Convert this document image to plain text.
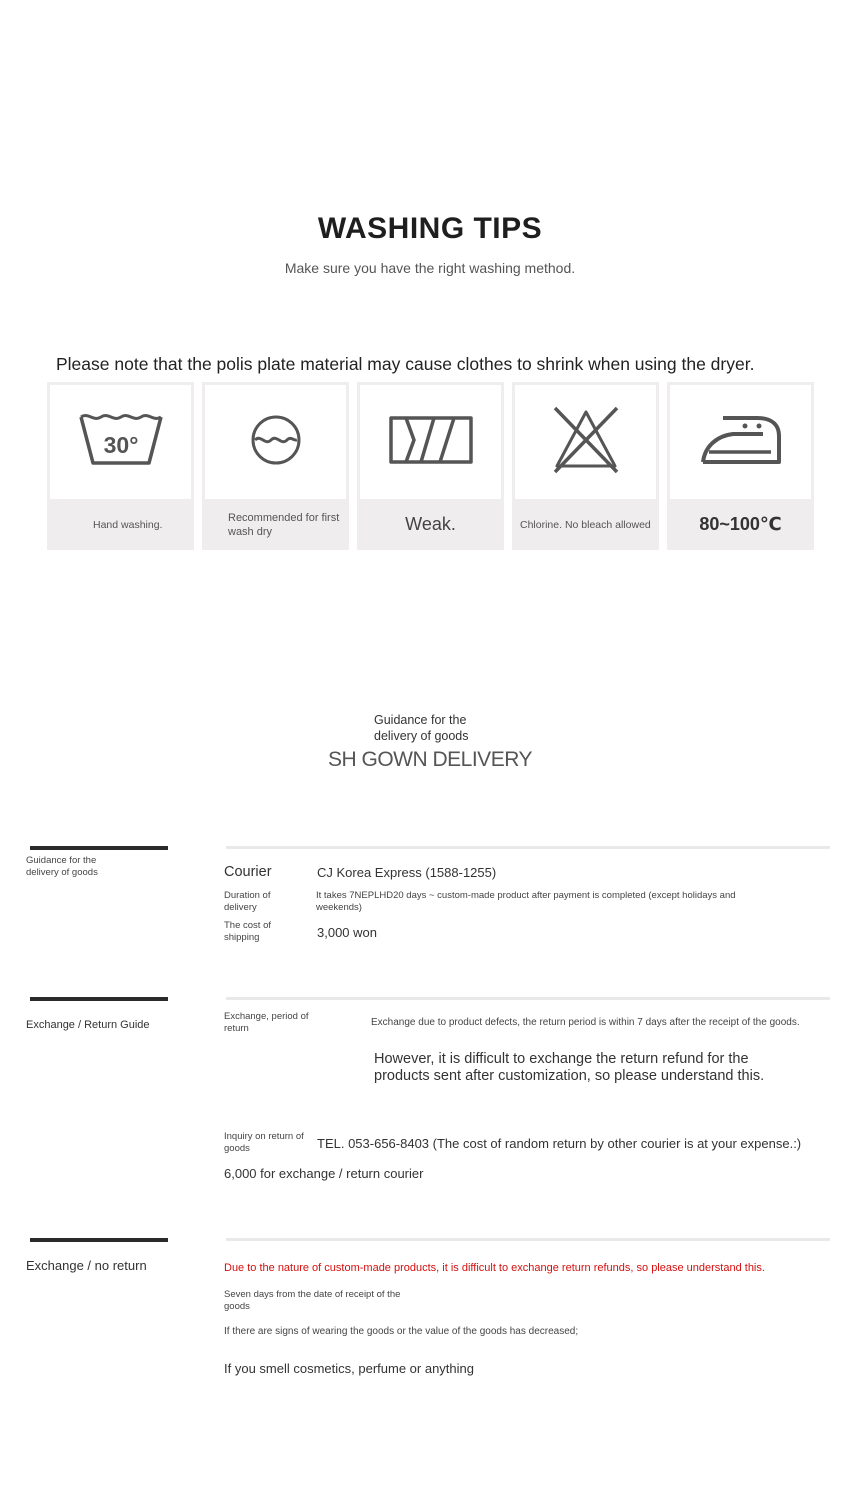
WASHING TIPS
Make sure you have the right washing method.
Please note that the polis plate material may cause clothes to shrink when using the dryer.
30°
Hand washing.
Recommended for first wash dry	Weak.	Chlorine. No bleach allowed	80~100℃
Guidance for the delivery of goods
SH GOWN DELIVERY
Guidance for the delivery of goods	Courier	CJ Korea Express (1588-1255)
Duration of delivery
It takes 7NEPLHD20 days ~ custom-made product after payment is completed (except holidays and weekends)
The cost of shipping	3,000 won
Exchange / Return Guide
Exchange, period of return
Exchange due to product defects, the return period is within 7 days after the receipt of the goods.
However, it is difficult to exchange the return refund for the products sent after customization, so please understand this.
Inquiry on return of goods	TEL. 053-656-8403 (The cost of random return by other courier is at your expense.:)
6,000 for exchange / return courier
Exchange / no return	Due to the nature of custom-made products, it is difficult to exchange return refunds, so please understand this.
Seven days from the date of receipt of the goods
If there are signs of wearing the goods or the value of the goods has decreased;
If you smell cosmetics, perfume or anything
